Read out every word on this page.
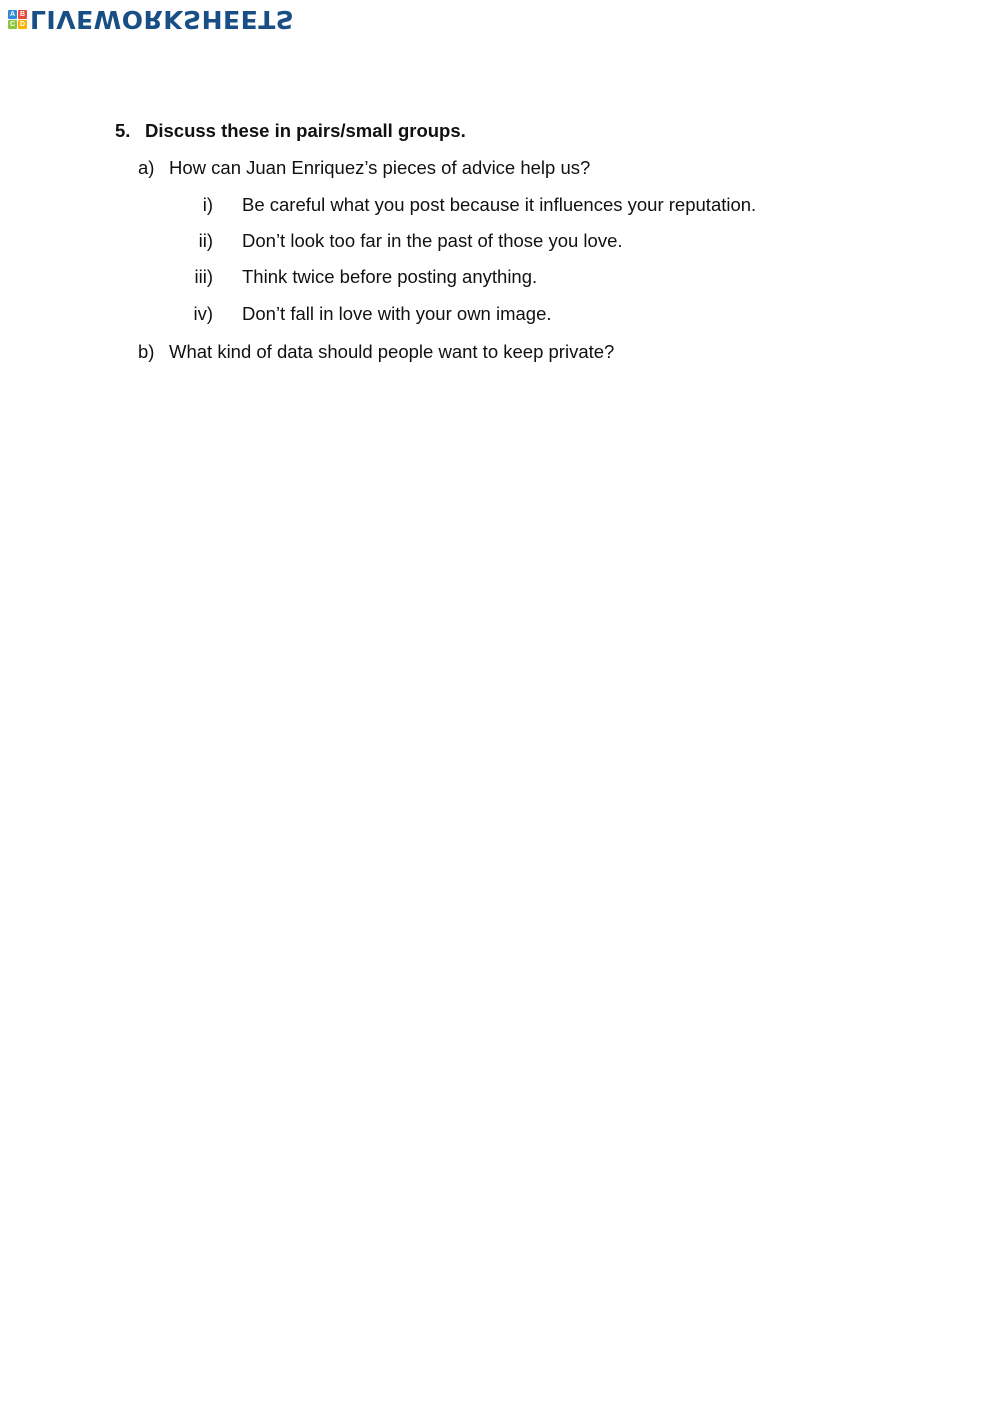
A B
C D LIVEWORKSHEETS
5. Discuss these in pairs/small groups.
a) How can Juan Enriquez’s pieces of advice help us?
i) Be careful what you post because it influences your reputation.
ii) Don’t look too far in the past of those you love.
iii) Think twice before posting anything.
iv) Don’t fall in love with your own image.
b) What kind of data should people want to keep private?
